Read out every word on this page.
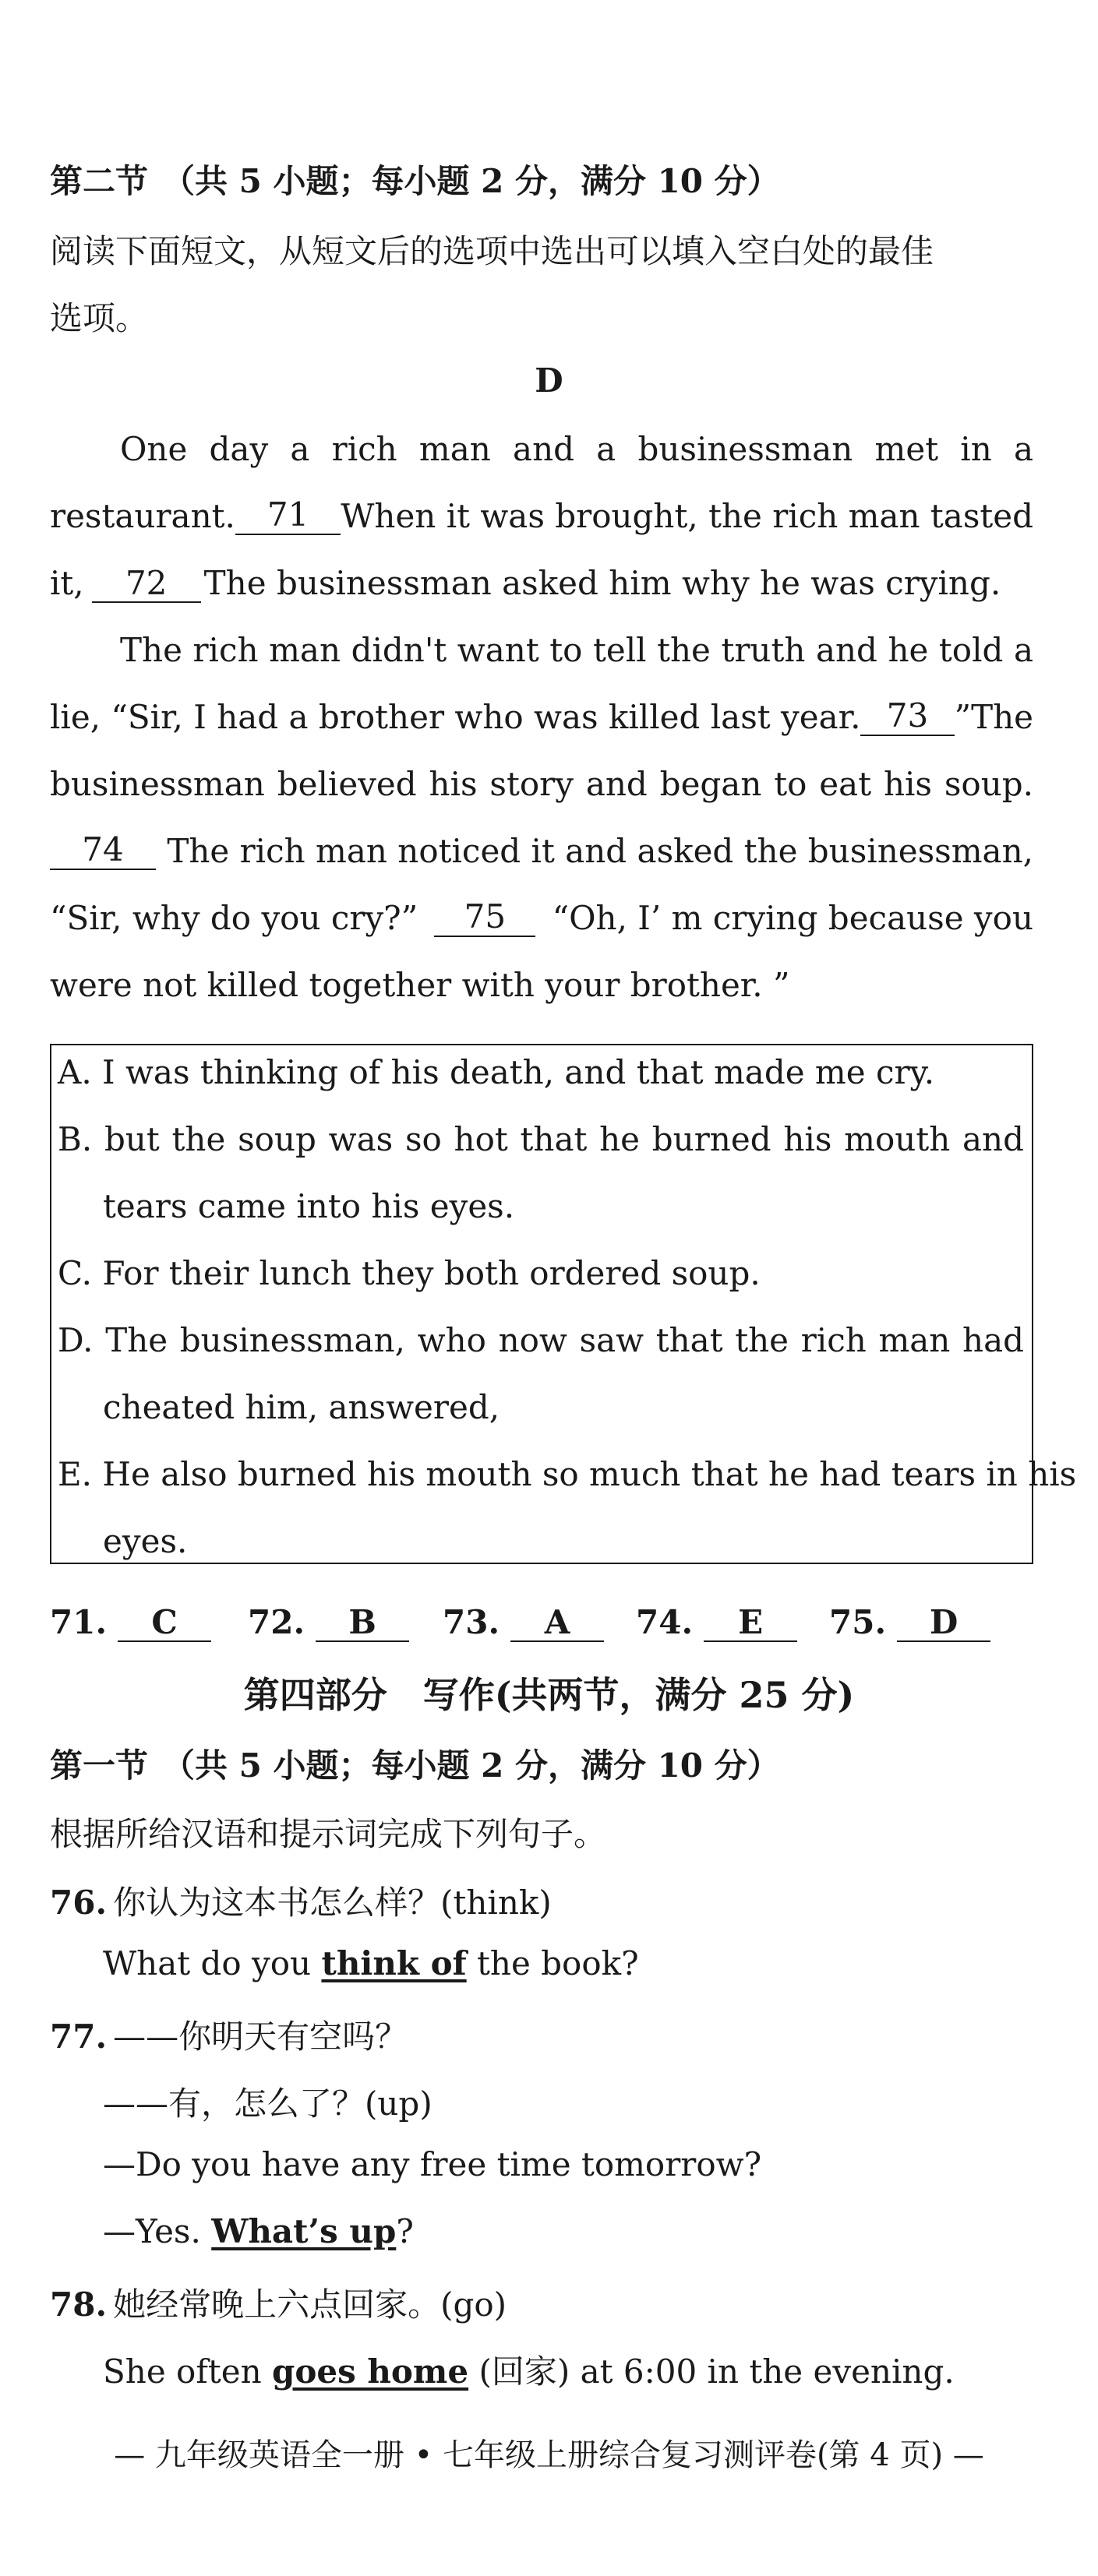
第二节 （共 5 小题；每小题 2 分，满分 10 分）
阅读下面短文，从短文后的选项中选出可以填入空白处的最佳
选项。
D
One day a rich man and a businessman met in a
restaurant. 71 When it was brought, the rich man tasted
it, 72 The businessman asked him why he was crying.
The rich man didn't want to tell the truth and he told a
lie, “Sir, I had a brother who was killed last year. 73 ”The
businessman believed his story and began to eat his soup.
74	The rich man noticed it and asked the businessman,
“Sir, why do you cry?”	75	“Oh, I’ m crying because you
were not killed together with your brother. ”
A. I was thinking of his death, and that made me cry.
B. but the soup was so hot that he burned his mouth and
tears came into his eyes.
C. For their lunch they both ordered soup.
D. The businessman, who now saw that the rich man had
cheated him, answered,
E. He also burned his mouth so much that he had tears in his
eyes.
71. C	72. B	73. A	74. E	75. D
第四部分　写作(共两节，满分 25 分)
第一节 （共 5 小题；每小题 2 分，满分 10 分）
根据所给汉语和提示词完成下列句子。
76. 你认为这本书怎么样？(think)
What do you think of the book?
77. ——你明天有空吗？
——有，怎么了？(up)
—Do you have any free time tomorrow?
—Yes. What’s up?
78. 她经常晚上六点回家。(go)
She often goes home (回家) at 6:00 in the evening.
— 九年级英语全一册 • 七年级上册综合复习测评卷(第 4 页) —
